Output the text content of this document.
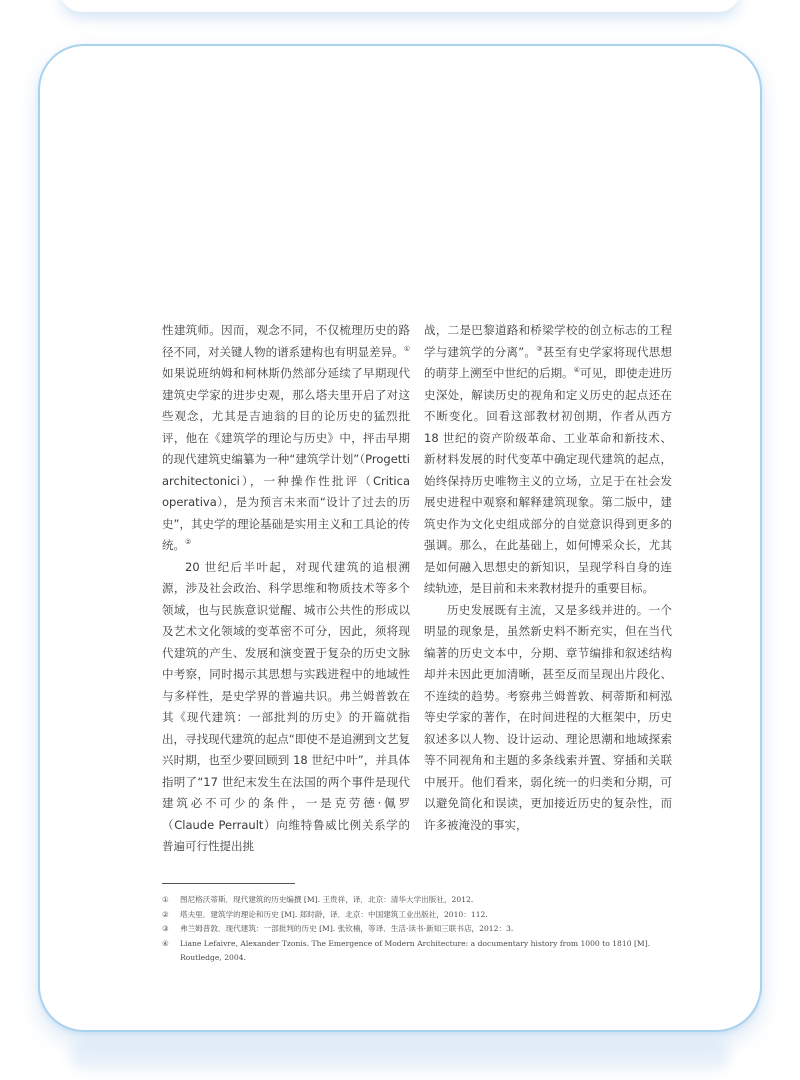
性建筑师。因而，观念不同，不仅梳理历史的路径不同，对关键人物的谱系建构也有明显差异。①如果说班纳姆和柯林斯仍然部分延续了早期现代建筑史学家的进步史观，那么塔夫里开启了对这些观念，尤其是吉迪翁的目的论历史的猛烈批评，他在《建筑学的理论与历史》中，抨击早期的现代建筑史编纂为一种“建筑学计划”（Progetti architectonici），一种操作性批评（Critica operativa），是为预言未来而“设计了过去的历史”，其史学的理论基础是实用主义和工具论的传统。②

20 世纪后半叶起，对现代建筑的追根溯源，涉及社会政治、科学思维和物质技术等多个领域，也与民族意识觉醒、城市公共性的形成以及艺术文化领域的变革密不可分，因此，须将现代建筑的产生、发展和演变置于复杂的历史文脉中考察，同时揭示其思想与实践进程中的地域性与多样性，是史学界的普遍共识。弗兰姆普敦在其《现代建筑：一部批判的历史》的开篇就指出，寻找现代建筑的起点“即使不是追溯到文艺复兴时期，也至少要回顾到 18 世纪中叶”，并具体指明了“17 世纪末发生在法国的两个事件是现代建筑必不可少的条件，一是克劳德·佩罗（Claude Perrault）向维特鲁威比例关系学的普遍可行性提出挑

战，二是巴黎道路和桥梁学校的创立标志的工程学与建筑学的分离”。③甚至有史学家将现代思想的萌芽上溯至中世纪的后期。④可见，即使走进历史深处，解读历史的视角和定义历史的起点还在不断变化。回看这部教材初创期，作者从西方 18 世纪的资产阶级革命、工业革命和新技术、新材料发展的时代变革中确定现代建筑的起点，始终保持历史唯物主义的立场，立足于在社会发展史进程中观察和解释建筑现象。第二版中，建筑史作为文化史组成部分的自觉意识得到更多的强调。那么，在此基础上，如何博采众长，尤其是如何融入思想史的新知识，呈现学科自身的连续轨迹，是目前和未来教材提升的重要目标。

历史发展既有主流，又是多线并进的。一个明显的现象是，虽然新史料不断充实，但在当代编著的历史文本中，分期、章节编排和叙述结构却并未因此更加清晰，甚至反而呈现出片段化、不连续的趋势。考察弗兰姆普敦、柯蒂斯和柯泓等史学家的著作，在时间进程的大框架中，历史叙述多以人物、设计运动、理论思潮和地域探索等不同视角和主题的多条线索并置、穿插和关联中展开。他们看来，弱化统一的归类和分期，可以避免简化和误读，更加接近历史的复杂性，而许多被淹没的事实，

①	图尼格沃蒂斯．现代建筑的历史编撰 [M]. 王贵祥，译．北京：清华大学出版社，2012.
②	塔夫里．建筑学的理论和历史 [M]. 郑时龄，译．北京：中国建筑工业出版社，2010：112.
③	弗兰姆普敦．现代建筑：一部批判的历史 [M]. 张钦楠，等译．生活·读书·新知三联书店，2012：3.
④	Liane Lefaivre, Alexander Tzonis. The Emergence of Modern Architecture: a documentary history from 1000 to 1810 [M]. Routledge, 2004.
